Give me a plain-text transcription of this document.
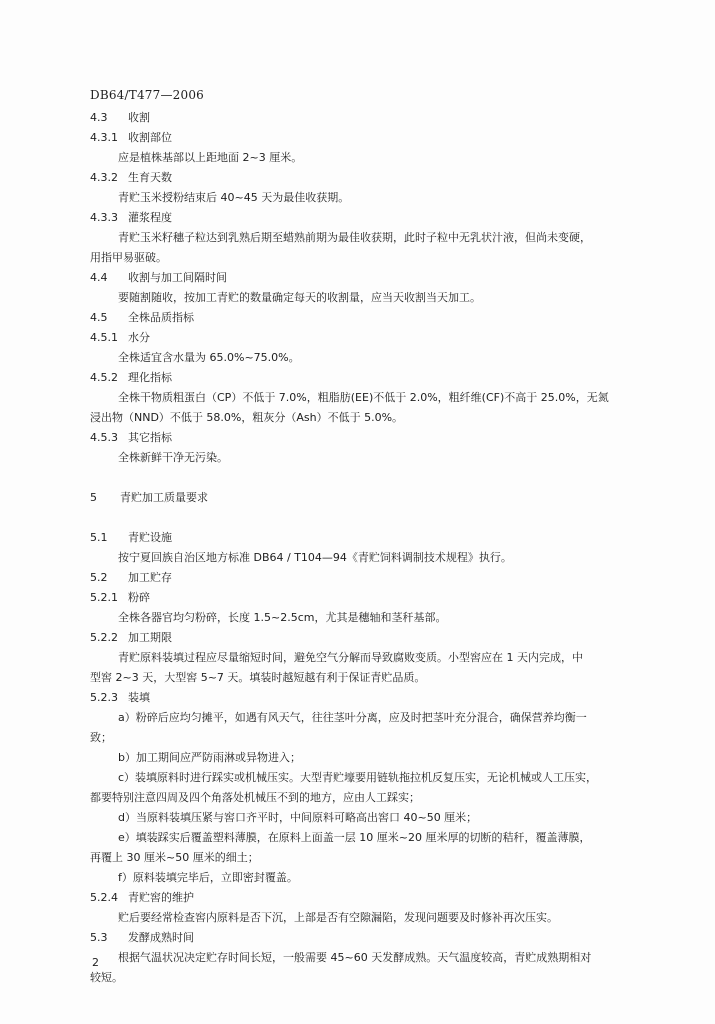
DB64/T477—2006
4.3 收割
4.3.1 收割部位
应是植株基部以上距地面 2~3 厘米。
4.3.2 生育天数
青贮玉米授粉结束后 40~45 天为最佳收获期。
4.3.3 灌浆程度
青贮玉米籽穗子粒达到乳熟后期至蜡熟前期为最佳收获期，此时子粒中无乳状汁液，但尚未变硬，
用指甲易驱破。
4.4 收割与加工间隔时间
要随割随收，按加工青贮的数量确定每天的收割量，应当天收割当天加工。
4.5 全株品质指标
4.5.1 水分
全株适宜含水量为 65.0%~75.0%。
4.5.2 理化指标
全株干物质粗蛋白（CP）不低于 7.0%，粗脂肪(EE)不低于 2.0%，粗纤维(CF)不高于 25.0%，无氮
浸出物（NND）不低于 58.0%，粗灰分（Ash）不低于 5.0%。
4.5.3 其它指标
全株新鲜干净无污染。
5 青贮加工质量要求
5.1 青贮设施
按宁夏回族自治区地方标准 DB64 / T104—94《青贮饲料调制技术规程》执行。
5.2 加工贮存
5.2.1 粉碎
全株各器官均匀粉碎，长度 1.5~2.5cm，尤其是穗轴和茎秆基部。
5.2.2 加工期限
青贮原料装填过程应尽量缩短时间，避免空气分解而导致腐败变质。小型窖应在 1 天内完成，中
型窖 2~3 天，大型窖 5~7 天。填装时越短越有利于保证青贮品质。
5.2.3 装填
a）粉碎后应均匀摊平，如遇有风天气，往往茎叶分离，应及时把茎叶充分混合，确保营养均衡一
致；
b）加工期间应严防雨淋或异物进入；
c）装填原料时进行踩实或机械压实。大型青贮壕要用链轨拖拉机反复压实，无论机械或人工压实，
都要特别注意四周及四个角落处机械压不到的地方，应由人工踩实；
d）当原料装填压紧与窖口齐平时，中间原料可略高出窖口 40~50 厘米；
e）填装踩实后覆盖塑料薄膜，在原料上面盖一层 10 厘米~20 厘米厚的切断的秸秆，覆盖薄膜，
再覆上 30 厘米~50 厘米的细土；
f）原料装填完毕后，立即密封覆盖。
5.2.4 青贮窖的维护
贮后要经常检查窖内原料是否下沉，上部是否有空隙漏陷，发现问题要及时修补再次压实。
5.3 发酵成熟时间
根据气温状况决定贮存时间长短，一般需要 45~60 天发酵成熟。天气温度较高，青贮成熟期相对
较短。
2
